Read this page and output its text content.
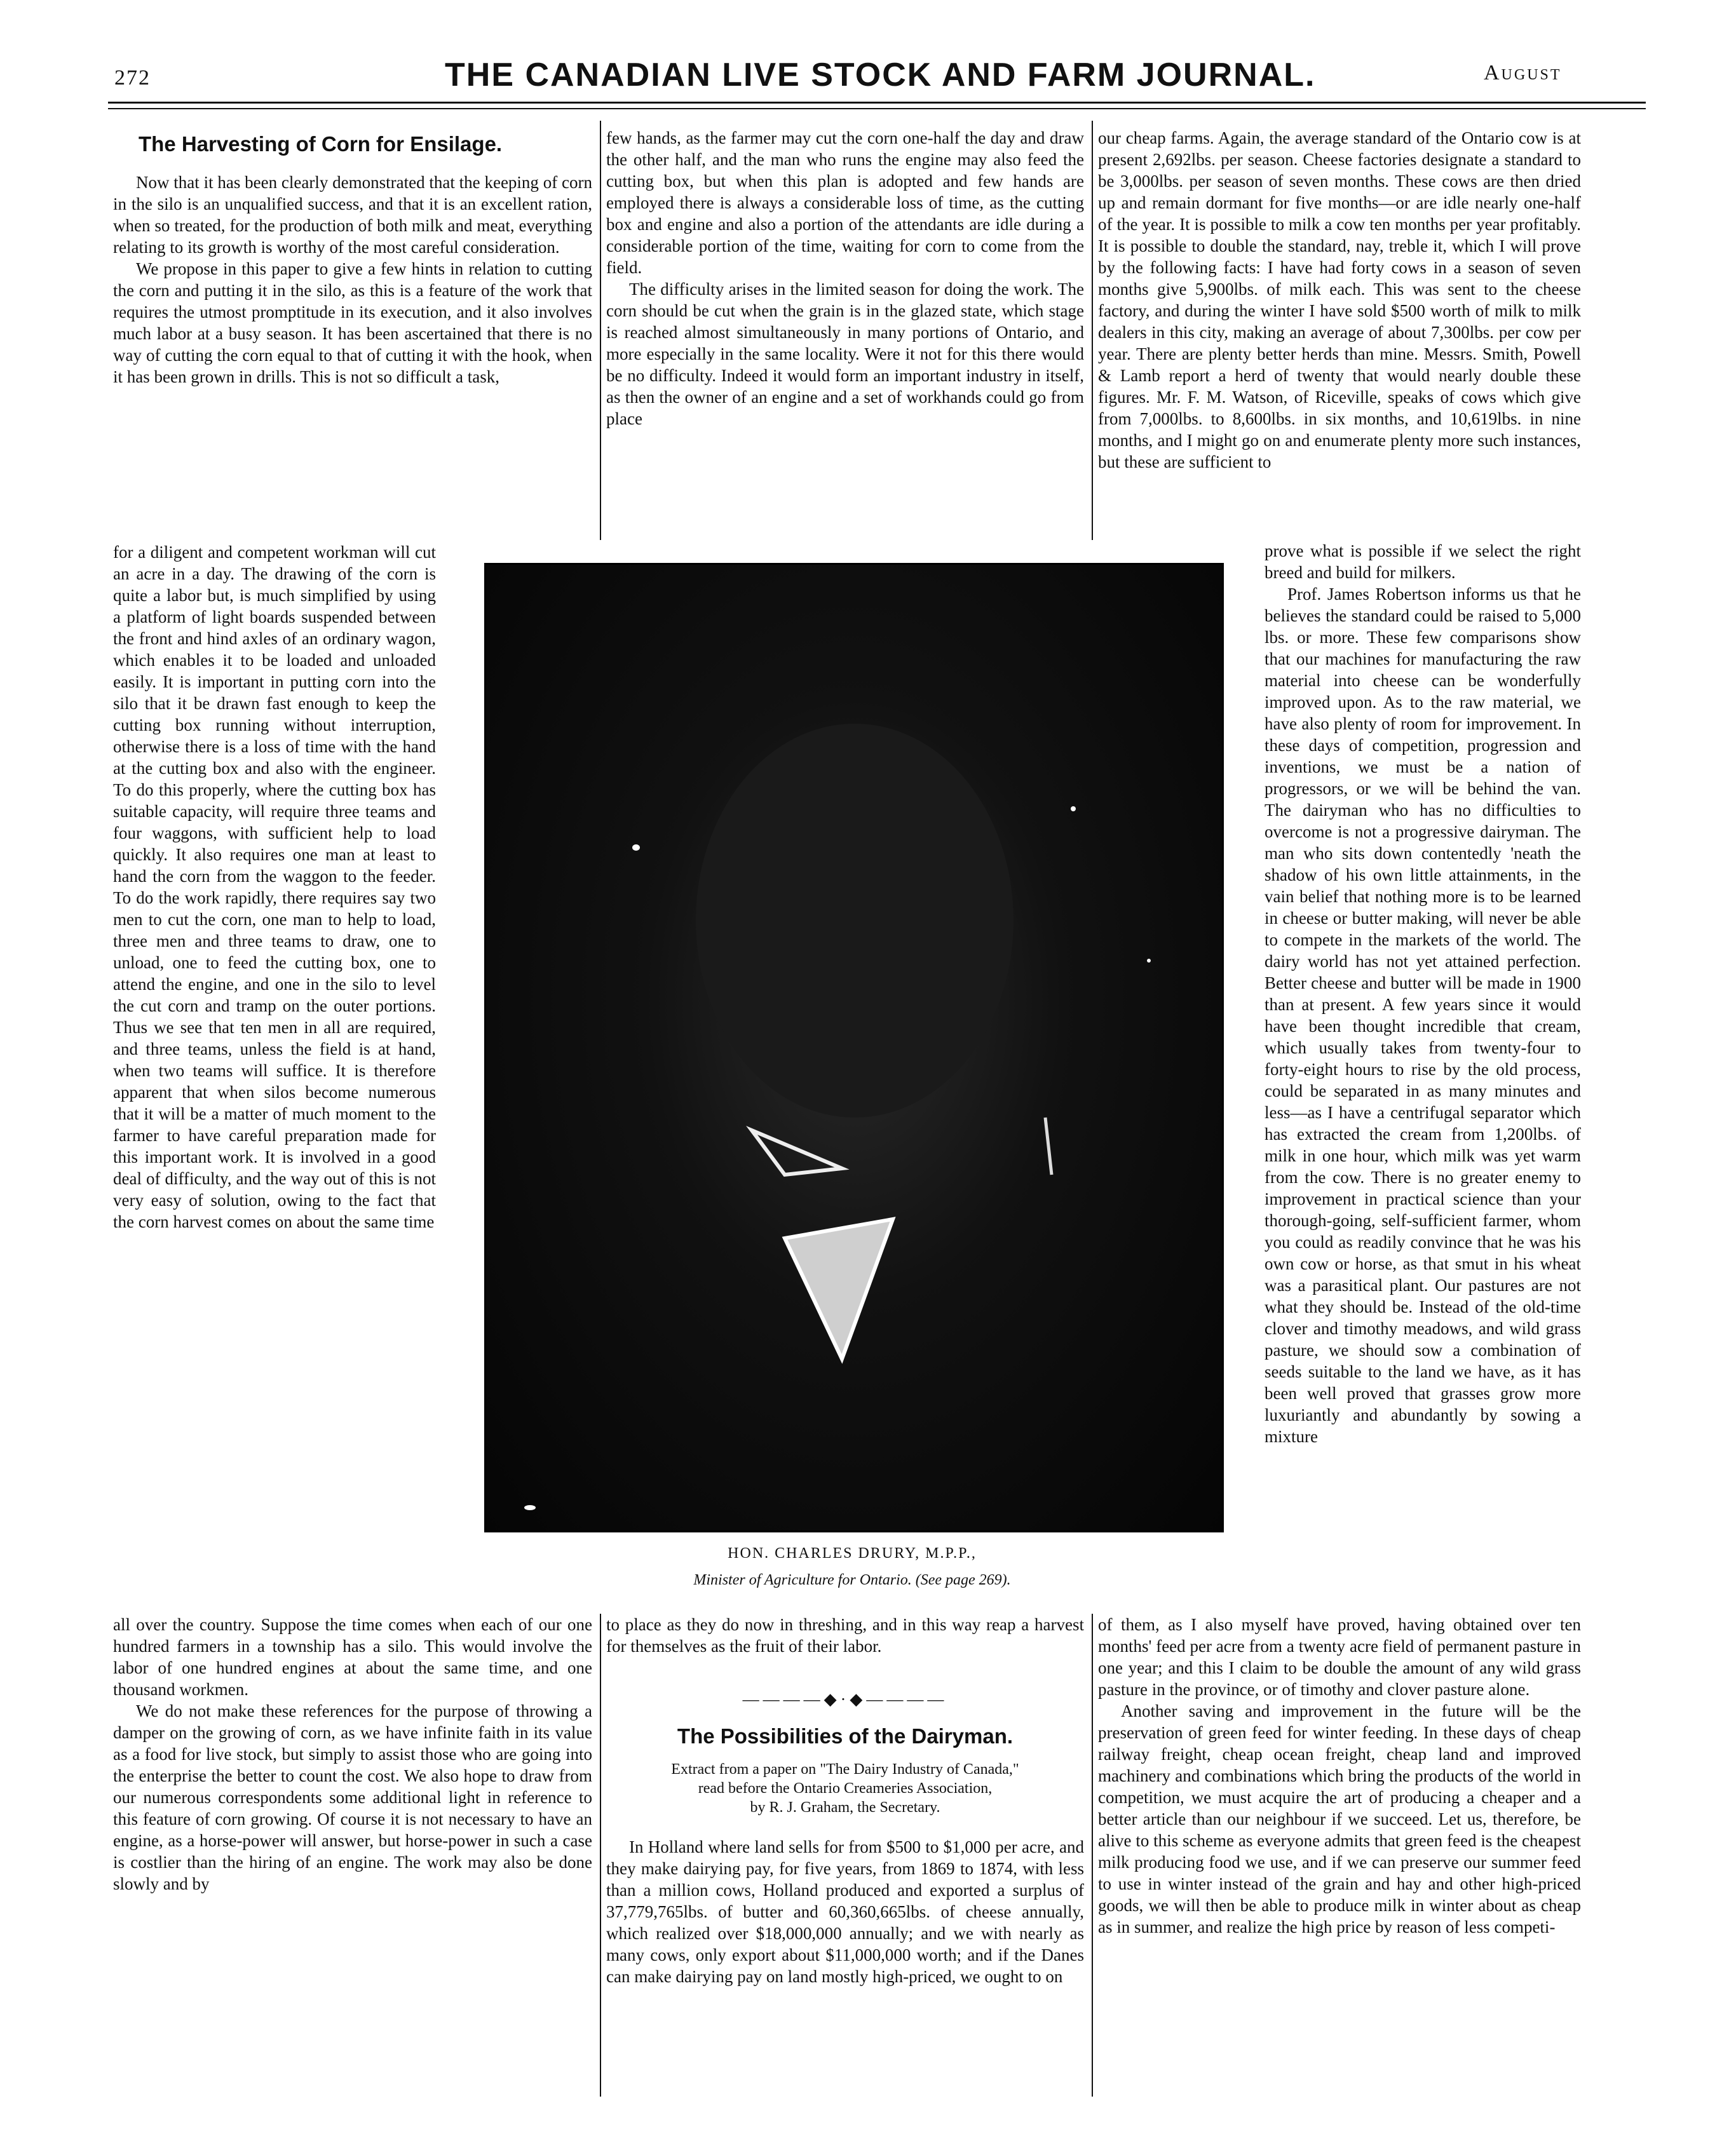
272	THE CANADIAN LIVE STOCK AND FARM JOURNAL.	August
The Harvesting of Corn for Ensilage.

Now that it has been clearly demonstrated that the keeping of corn in the silo is an unqualified success, and that it is an excellent ration, when so treated, for the production of both milk and meat, everything relating to its growth is worthy of the most careful consideration.

We propose in this paper to give a few hints in relation to cutting the corn and putting it in the silo, as this is a feature of the work that requires the utmost promptitude in its execution, and it also involves much labor at a busy season. It has been ascertained that there is no way of cutting the corn equal to that of cutting it with the hook, when it has been grown in drills. This is not so difficult a task,

for a diligent and competent workman will cut an acre in a day. The drawing of the corn is quite a labor but, is much simplified by using a platform of light boards suspended between the front and hind axles of an ordinary wagon, which enables it to be loaded and unloaded easily. It is important in putting corn into the silo that it be drawn fast enough to keep the cutting box running without interruption, otherwise there is a loss of time with the hand at the cutting box and also with the engineer. To do this properly, where the cutting box has suitable capacity, will require three teams and four waggons, with sufficient help to load quickly. It also requires one man at least to hand the corn from the waggon to the feeder. To do the work rapidly, there requires say two men to cut the corn, one man to help to load, three men and three teams to draw, one to unload, one to feed the cutting box, one to attend the engine, and one in the silo to level the cut corn and tramp on the outer portions. Thus we see that ten men in all are required, and three teams, unless the field is at hand, when two teams will suffice. It is therefore apparent that when silos become numerous that it will be a matter of much moment to the farmer to have careful preparation made for this important work. It is involved in a good deal of difficulty, and the way out of this is not very easy of solution, owing to the fact that the corn harvest comes on about the same time

all over the country. Suppose the time comes when each of our one hundred farmers in a township has a silo. This would involve the labor of one hundred engines at about the same time, and one thousand workmen.

We do not make these references for the purpose of throwing a damper on the growing of corn, as we have infinite faith in its value as a food for live stock, but simply to assist those who are going into the enterprise the better to count the cost. We also hope to draw from our numerous correspondents some additional light in reference to this feature of corn growing. Of course it is not necessary to have an engine, as a horse-power will answer, but horse-power in such a case is costlier than the hiring of an engine. The work may also be done slowly and by

few hands, as the farmer may cut the corn one-half the day and draw the other half, and the man who runs the engine may also feed the cutting box, but when this plan is adopted and few hands are employed there is always a considerable loss of time, as the cutting box and engine and also a portion of the attendants are idle during a considerable portion of the time, waiting for corn to come from the field.

The difficulty arises in the limited season for doing the work. The corn should be cut when the grain is in the glazed state, which stage is reached almost simultaneously in many portions of Ontario, and more especially in the same locality. Were it not for this there would be no difficulty. Indeed it would form an important industry in itself, as then the owner of an engine and a set of workhands could go from place

HON. CHARLES DRURY, M.P.P.,
Minister of Agriculture for Ontario. (See page 269).

to place as they do now in threshing, and in this way reap a harvest for themselves as the fruit of their labor.

————◆·◆————
The Possibilities of the Dairyman.
Extract from a paper on "The Dairy Industry of Canada,"
read before the Ontario Creameries Association,
by R. J. Graham, the Secretary.

In Holland where land sells for from $500 to $1,000 per acre, and they make dairying pay, for five years, from 1869 to 1874, with less than a million cows, Holland produced and exported a surplus of 37,779,765lbs. of butter and 60,360,665lbs. of cheese annually, which realized over $18,000,000 annually; and we with nearly as many cows, only export about $11,000,000 worth; and if the Danes can make dairying pay on land mostly high-priced, we ought to on

our cheap farms. Again, the average standard of the Ontario cow is at present 2,692lbs. per season. Cheese factories designate a standard to be 3,000lbs. per season of seven months. These cows are then dried up and remain dormant for five months—or are idle nearly one-half of the year. It is possible to milk a cow ten months per year profitably. It is possible to double the standard, nay, treble it, which I will prove by the following facts: I have had forty cows in a season of seven months give 5,900lbs. of milk each. This was sent to the cheese factory, and during the winter I have sold $500 worth of milk to milk dealers in this city, making an average of about 7,300lbs. per cow per year. There are plenty better herds than mine. Messrs. Smith, Powell & Lamb report a herd of twenty that would nearly double these figures. Mr. F. M. Watson, of Riceville, speaks of cows which give from 7,000lbs. to 8,600lbs. in six months, and 10,619lbs. in nine months, and I might go on and enumerate plenty more such instances, but these are sufficient to

prove what is possible if we select the right breed and build for milkers.

Prof. James Robertson informs us that he believes the standard could be raised to 5,000 lbs. or more. These few comparisons show that our machines for manufacturing the raw material into cheese can be wonderfully improved upon. As to the raw material, we have also plenty of room for improvement. In these days of competition, progression and inventions, we must be a nation of progressors, or we will be behind the van. The dairyman who has no difficulties to overcome is not a progressive dairyman. The man who sits down contentedly 'neath the shadow of his own little attainments, in the vain belief that nothing more is to be learned in cheese or butter making, will never be able to compete in the markets of the world. The dairy world has not yet attained perfection. Better cheese and butter will be made in 1900 than at present. A few years since it would have been thought incredible that cream, which usually takes from twenty-four to forty-eight hours to rise by the old process, could be separated in as many minutes and less—as I have a centrifugal separator which has extracted the cream from 1,200lbs. of milk in one hour, which milk was yet warm from the cow. There is no greater enemy to improvement in practical science than your thorough-going, self-sufficient farmer, whom you could as readily convince that he was his own cow or horse, as that smut in his wheat was a parasitical plant. Our pastures are not what they should be. Instead of the old-time clover and timothy meadows, and wild grass pasture, we should sow a combination of seeds suitable to the land we have, as it has been well proved that grasses grow more luxuriantly and abundantly by sowing a mixture

of them, as I also myself have proved, having obtained over ten months' feed per acre from a twenty acre field of permanent pasture in one year; and this I claim to be double the amount of any wild grass pasture in the province, or of timothy and clover pasture alone.

Another saving and improvement in the future will be the preservation of green feed for winter feeding. In these days of cheap railway freight, cheap ocean freight, cheap land and improved machinery and combinations which bring the products of the world in competition, we must acquire the art of producing a cheaper and a better article than our neighbour if we succeed. Let us, therefore, be alive to this scheme as everyone admits that green feed is the cheapest milk producing food we use, and if we can preserve our summer feed to use in winter instead of the grain and hay and other high-priced goods, we will then be able to produce milk in winter about as cheap as in summer, and realize the high price by reason of less competi-
